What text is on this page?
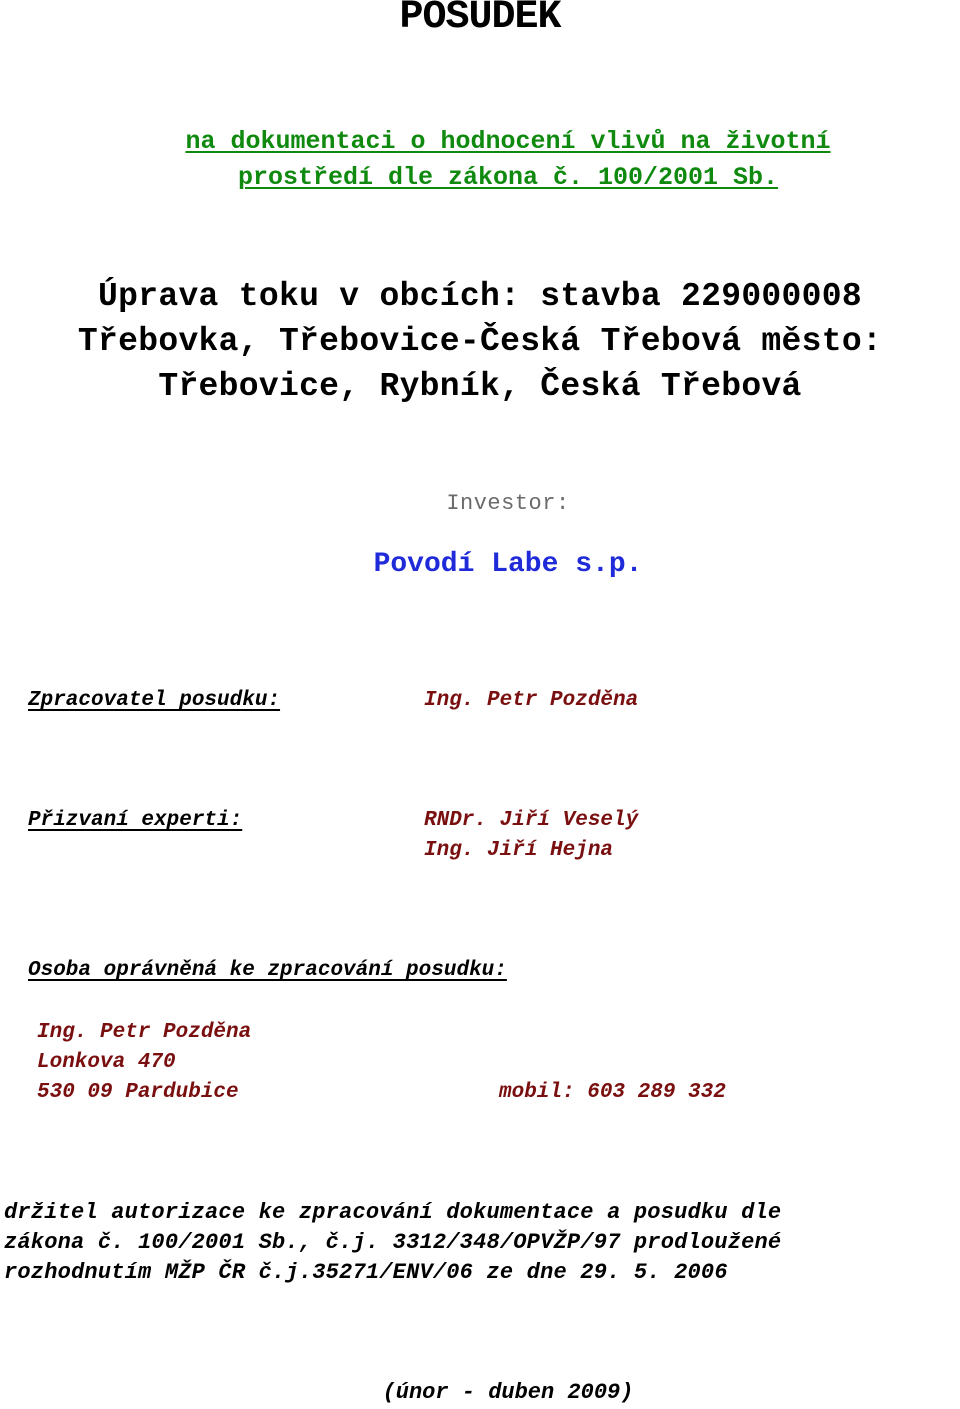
POSUDEK
na dokumentaci o hodnocení vlivů na životní
prostředí dle zákona č. 100/2001 Sb.
Úprava toku v obcích: stavba 229000008
Třebovka, Třebovice-Česká Třebová město:
Třebovice, Rybník, Česká Třebová
Investor:
Povodí Labe s.p.
Zpracovatel posudku:	Ing. Petr Pozděna
Přizvaní experti:	RNDr. Jiří Veselý
Ing. Jiří Hejna
Osoba oprávněná ke zpracování posudku:
Ing. Petr Pozděna
Lonkova 470
530 09 Pardubice	mobil: 603 289 332
držitel autorizace ke zpracování dokumentace a posudku dle
zákona č. 100/2001 Sb., č.j. 3312/348/OPVŽP/97 prodloužené
rozhodnutím MŽP ČR č.j.35271/ENV/06 ze dne 29. 5. 2006
(únor - duben 2009)
